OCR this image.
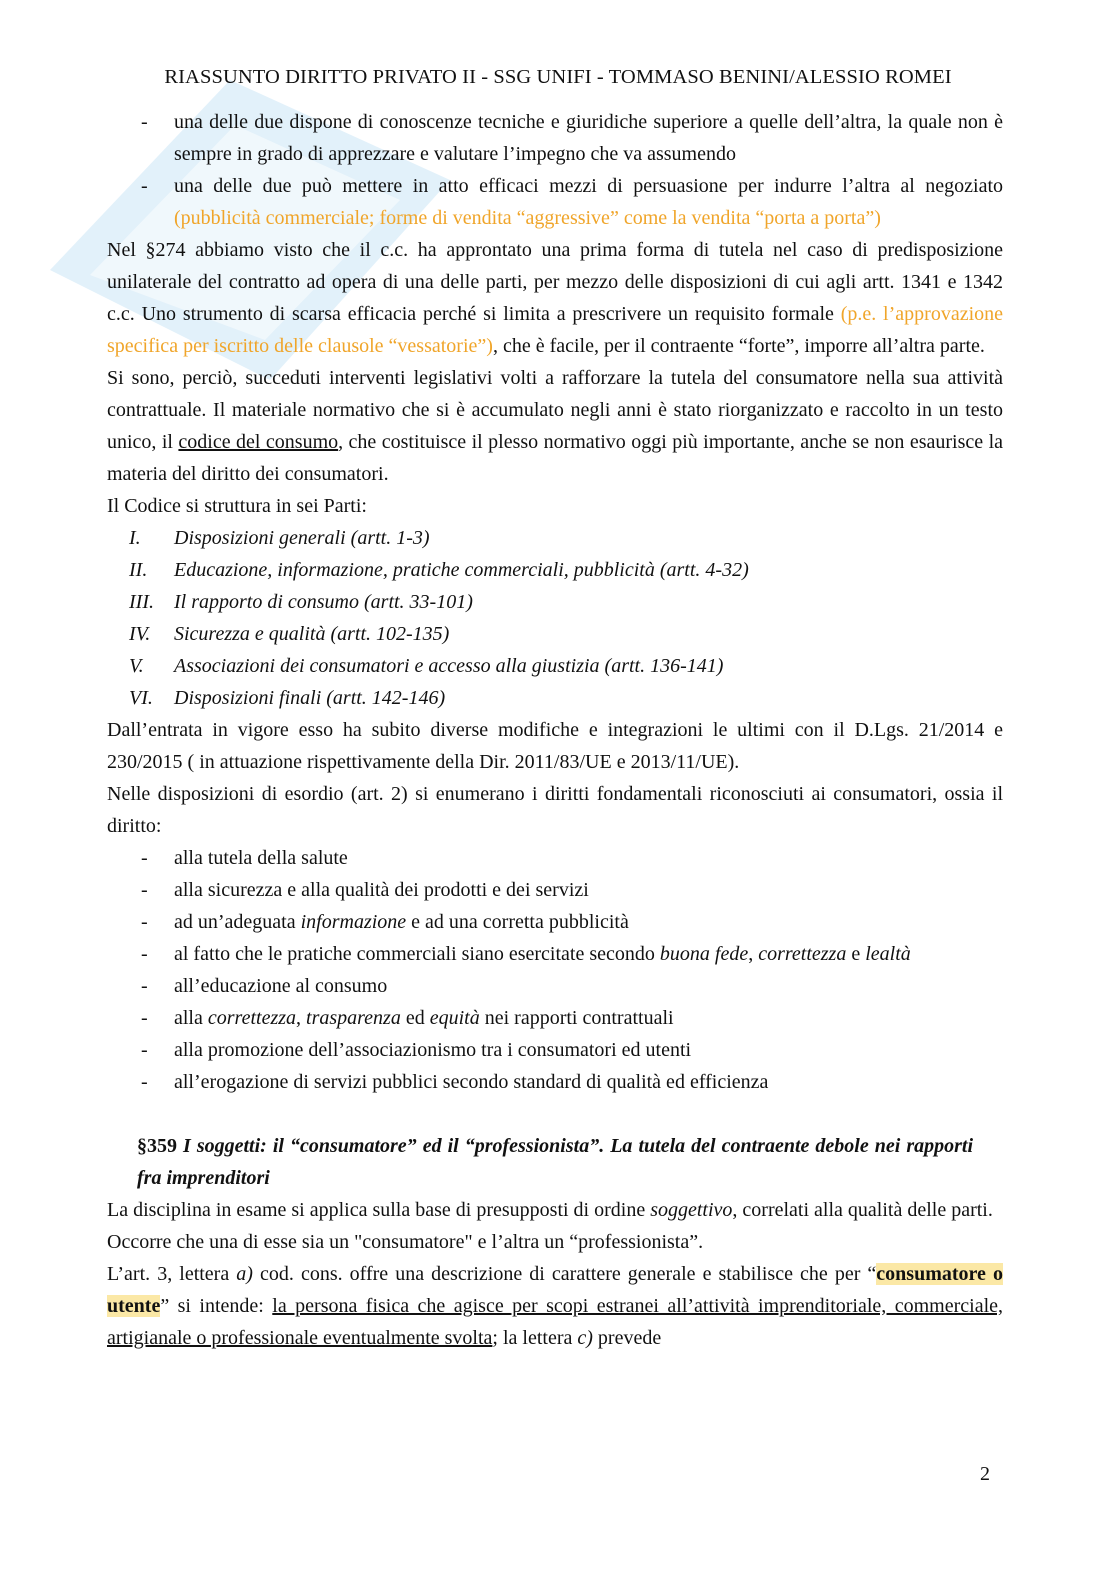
RIASSUNTO DIRITTO PRIVATO II - SSG UNIFI - TOMMASO BENINI/ALESSIO ROMEI
- una delle due dispone di conoscenze tecniche e giuridiche superiore a quelle dell’altra, la quale non è sempre in grado di apprezzare e valutare l’impegno che va assumendo
- una delle due può mettere in atto efficaci mezzi di persuasione per indurre l’altra al negoziato (pubblicità commerciale; forme di vendita “aggressive” come la vendita “porta a porta”)

Nel §274 abbiamo visto che il c.c. ha approntato una prima forma di tutela nel caso di predisposizione unilaterale del contratto ad opera di una delle parti, per mezzo delle disposizioni di cui agli artt. 1341 e 1342 c.c. Uno strumento di scarsa efficacia perché si limita a prescrivere un requisito formale (p.e. l’approvazione specifica per iscritto delle clausole “vessatorie”), che è facile, per il contraente “forte”, imporre all’altra parte.

Si sono, perciò, succeduti interventi legislativi volti a rafforzare la tutela del consumatore nella sua attività contrattuale. Il materiale normativo che si è accumulato negli anni è stato riorganizzato e raccolto in un testo unico, il codice del consumo, che costituisce il plesso normativo oggi più importante, anche se non esaurisce la materia del diritto dei consumatori.

Il Codice si struttura in sei Parti:

I. Disposizioni generali (artt. 1-3)
II. Educazione, informazione, pratiche commerciali, pubblicità (artt. 4-32)
III. Il rapporto di consumo (artt. 33-101)
IV. Sicurezza e qualità (artt. 102-135)
V. Associazioni dei consumatori e accesso alla giustizia (artt. 136-141)
VI. Disposizioni finali (artt. 142-146)

Dall’entrata in vigore esso ha subito diverse modifiche e integrazioni le ultimi con il D.Lgs. 21/2014 e 230/2015 ( in attuazione rispettivamente della Dir. 2011/83/UE e 2013/11/UE).

Nelle disposizioni di esordio (art. 2) si enumerano i diritti fondamentali riconosciuti ai consumatori, ossia il diritto:

- alla tutela della salute
- alla sicurezza e alla qualità dei prodotti e dei servizi
- ad un’adeguata informazione e ad una corretta pubblicità
- al fatto che le pratiche commerciali siano esercitate secondo buona fede, correttezza e lealtà
- all’educazione al consumo
- alla correttezza, trasparenza ed equità nei rapporti contrattuali
- alla promozione dell’associazionismo tra i consumatori ed utenti
- all’erogazione di servizi pubblici secondo standard di qualità ed efficienza

§359 I soggetti: il “consumatore” ed il “professionista”. La tutela del contraente debole nei rapporti fra imprenditori

La disciplina in esame si applica sulla base di presupposti di ordine soggettivo, correlati alla qualità delle parti.

Occorre che una di esse sia un "consumatore" e l’altra un “professionista”.

L’art. 3, lettera a) cod. cons. offre una descrizione di carattere generale e stabilisce che per “consumatore o utente” si intende: la persona fisica che agisce per scopi estranei all’attività imprenditoriale, commerciale, artigianale o professionale eventualmente svolta; la lettera c) prevede

2
